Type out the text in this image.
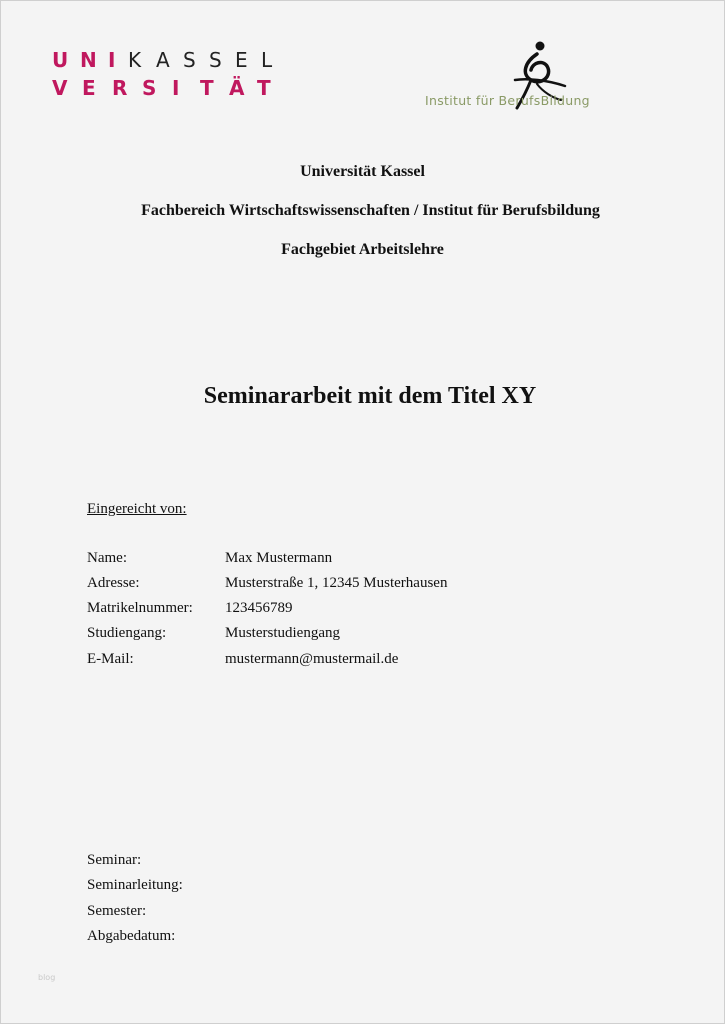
U N I K A S S E L
V E R S I T Ä T
Institut für BerufsBildung
Universität Kassel
Fachbereich Wirtschaftswissenschaften / Institut für Berufsbildung
Fachgebiet Arbeitslehre
Seminararbeit mit dem Titel XY
Eingereicht von:
Name:	Max Mustermann
Adresse:	Musterstraße 1, 12345 Musterhausen
Matrikelnummer: 123456789
Studiengang:	Musterstudiengang
E-Mail:	mustermann@mustermail.de
Seminar:
Seminarleitung:
Semester:
Abgabedatum:
blog
